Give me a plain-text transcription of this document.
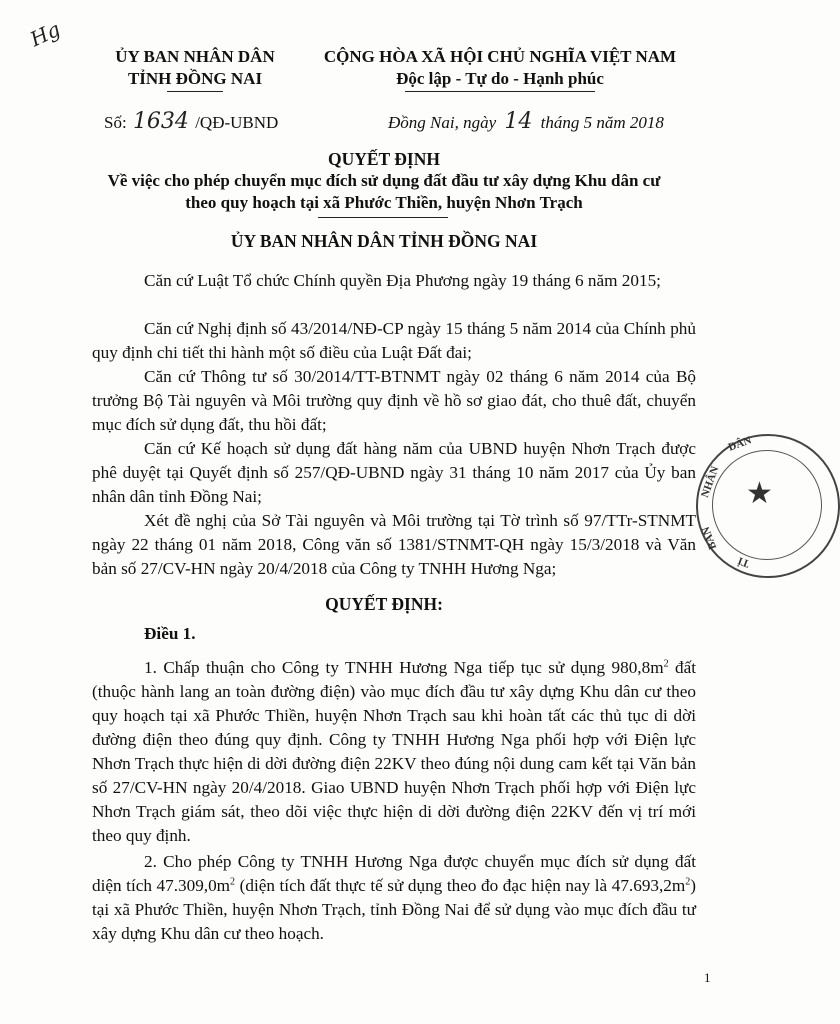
Hg
ỦY BAN NHÂN DÂN
TỈNH ĐỒNG NAI
CỘNG HÒA XÃ HỘI CHỦ NGHĨA VIỆT NAM
Độc lập - Tự do - Hạnh phúc
Số: 1634 /QĐ-UBND	Đồng Nai, ngày 14 tháng 5 năm 2018
QUYẾT ĐỊNH
Về việc cho phép chuyển mục đích sử dụng đất đầu tư xây dựng Khu dân cư
theo quy hoạch tại xã Phước Thiền, huyện Nhơn Trạch
ỦY BAN NHÂN DÂN TỈNH ĐỒNG NAI
Căn cứ Luật Tổ chức Chính quyền Địa Phương ngày 19 tháng 6 năm 2015;
Căn cứ Nghị định số 43/2014/NĐ-CP ngày 15 tháng 5 năm 2014 của Chính phủ quy định chi tiết thi hành một số điều của Luật Đất đai;
Căn cứ Thông tư số 30/2014/TT-BTNMT ngày 02 tháng 6 năm 2014 của Bộ trưởng Bộ Tài nguyên và Môi trường quy định về hồ sơ giao đát, cho thuê đất, chuyển mục đích sử dụng đất, thu hồi đất;
Căn cứ Kế hoạch sử dụng đất hàng năm của UBND huyện Nhơn Trạch được phê duyệt tại Quyết định số 257/QĐ-UBND ngày 31 tháng 10 năm 2017 của Ủy ban nhân dân tỉnh Đồng Nai;
Xét đề nghị của Sở Tài nguyên và Môi trường tại Tờ trình số 97/TTr-STNMT ngày 22 tháng 01 năm 2018, Công văn số 1381/STNMT-QH ngày 15/3/2018 và Văn bản số 27/CV-HN ngày 20/4/2018 của Công ty TNHH Hương Nga;
QUYẾT ĐỊNH:
Điều 1.
1. Chấp thuận cho Công ty TNHH Hương Nga tiếp tục sử dụng $980,8m^2$ đất (thuộc hành lang an toàn đường điện) vào mục đích đầu tư xây dựng Khu dân cư theo quy hoạch tại xã Phước Thiền, huyện Nhơn Trạch sau khi hoàn tất các thủ tục di dời đường điện theo đúng quy định. Công ty TNHH Hương Nga phối hợp với Điện lực Nhơn Trạch thực hiện di dời đường điện 22KV theo đúng nội dung cam kết tại Văn bản số 27/CV-HN ngày 20/4/2018. Giao UBND huyện Nhơn Trạch phối hợp với Điện lực Nhơn Trạch giám sát, theo dõi việc thực hiện di dời đường điện 22KV đến vị trí mới theo quy định.
2. Cho phép Công ty TNHH Hương Nga được chuyển mục đích sử dụng đất diện tích $47.309,0m^2$ (diện tích đất thực tế sử dụng theo đo đạc hiện nay là $47.693,2m^2$) tại xã Phước Thiền, huyện Nhơn Trạch, tỉnh Đồng Nai để sử dụng vào mục đích đầu tư xây dựng Khu dân cư theo hoạch.
★
DÂN
NHÂN
BAN
TỈ
1
